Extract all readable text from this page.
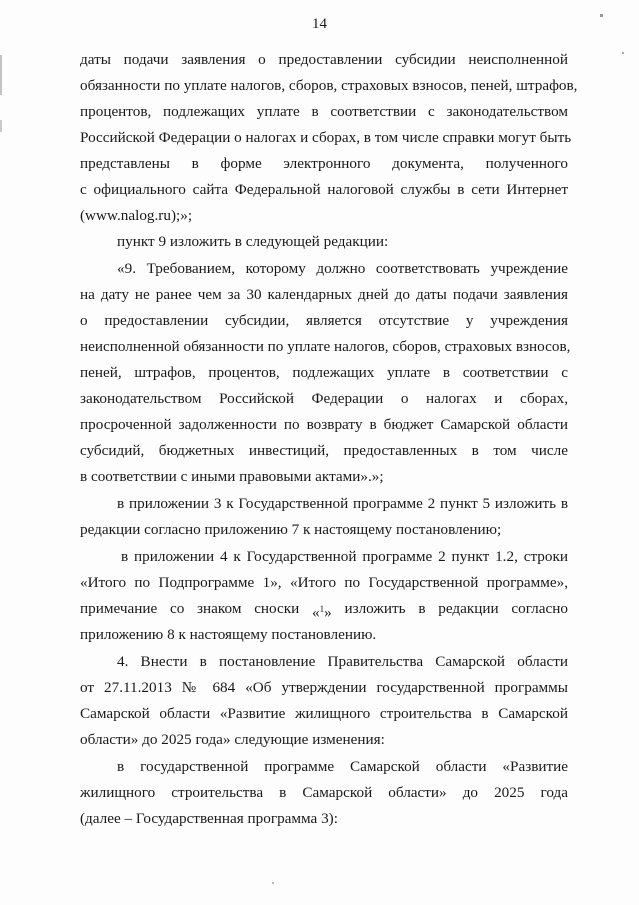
14
даты подачи заявления о предоставлении субсидии неисполненной
обязанности по уплате налогов, сборов, страховых взносов, пеней, штрафов,
процентов, подлежащих уплате в соответствии с законодательством
Российской Федерации о налогах и сборах, в том числе справки могут быть
представлены в форме электронного документа, полученного
с официального сайта Федеральной налоговой службы в сети Интернет
(www.nalog.ru);»;
пункт 9 изложить в следующей редакции:
«9. Требованием, которому должно соответствовать учреждение
на дату не ранее чем за 30 календарных дней до даты подачи заявления
о предоставлении субсидии, является отсутствие у учреждения
неисполненной обязанности по уплате налогов, сборов, страховых взносов,
пеней, штрафов, процентов, подлежащих уплате в соответствии с
законодательством Российской Федерации о налогах и сборах,
просроченной задолженности по возврату в бюджет Самарской области
субсидий, бюджетных инвестиций, предоставленных в том числе
в соответствии с иными правовыми актами».»;
в приложении 3 к Государственной программе 2 пункт 5 изложить в
редакции согласно приложению 7 к настоящему постановлению;
в приложении 4 к Государственной программе 2 пункт 1.2, строки
«Итого по Подпрограмме 1», «Итого по Государственной программе»,
примечание со знаком сноски «$^1$» изложить в редакции согласно
приложению 8 к настоящему постановлению.
4. Внести в постановление Правительства Самарской области
от 27.11.2013 № 684 «Об утверждении государственной программы
Самарской области «Развитие жилищного строительства в Самарской
области» до 2025 года» следующие изменения:
в государственной программе Самарской области «Развитие
жилищного строительства в Самарской области» до 2025 года
(далее – Государственная программа 3):
